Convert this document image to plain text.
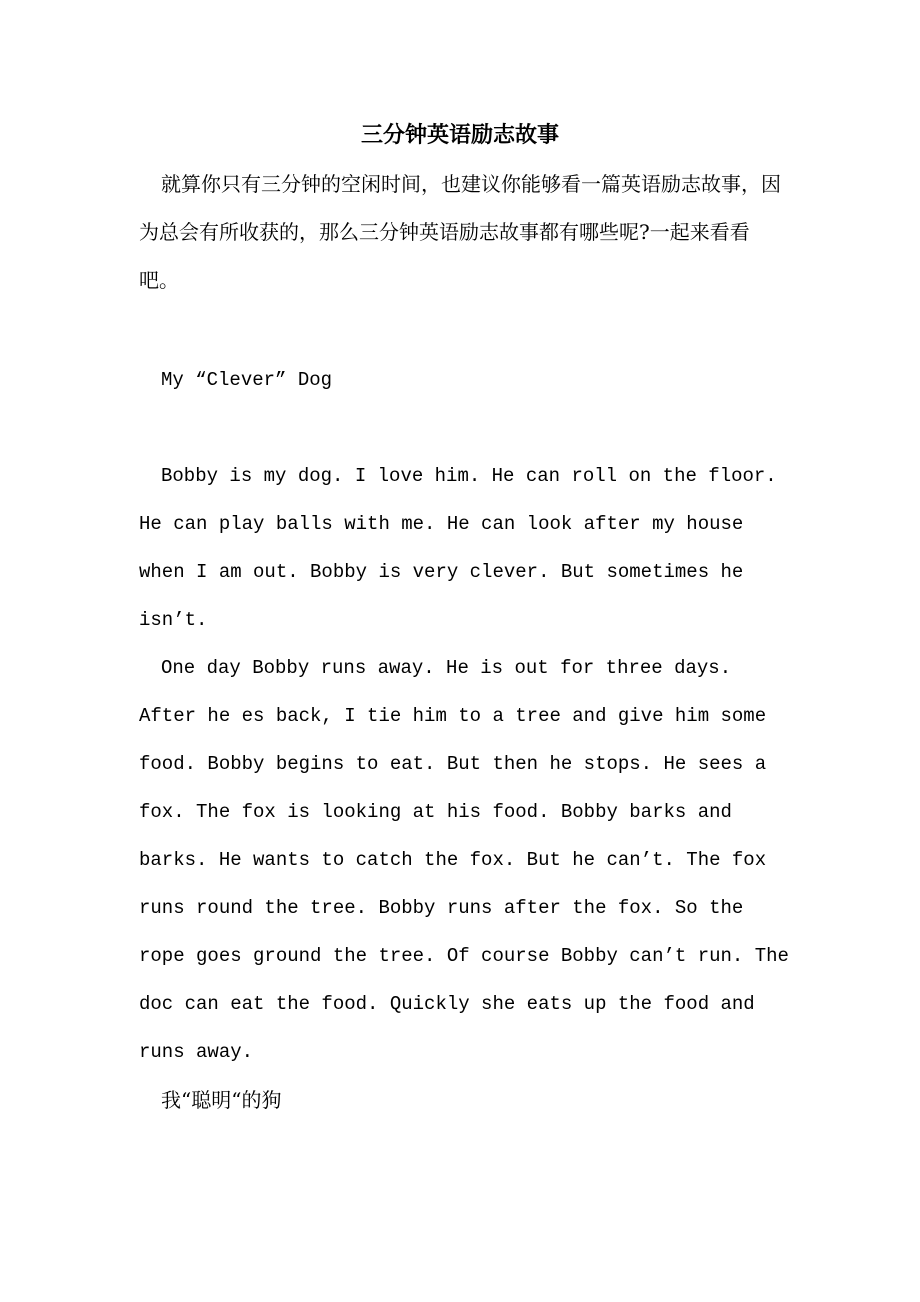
三分钟英语励志故事

就算你只有三分钟的空闲时间，也建议你能够看一篇英语励志故事，因为总会有所收获的，那么三分钟英语励志故事都有哪些呢?一起来看看吧。

My “Clever” Dog

Bobby is my dog. I love him. He can roll on the floor. He can play balls with me. He can look after my house when I am out. Bobby is very clever. But sometimes he isn’t.

One day Bobby runs away. He is out for three days. After he es back, I tie him to a tree and give him some food. Bobby begins to eat. But then he stops. He sees a fox. The fox is looking at his food. Bobby barks and barks. He wants to catch the fox. But he can’t. The fox runs round the tree. Bobby runs after the fox. So the rope goes ground the tree. Of course Bobby can’t run. The doc can eat the food. Quickly she eats up the food and runs away.

我“聪明“的狗
